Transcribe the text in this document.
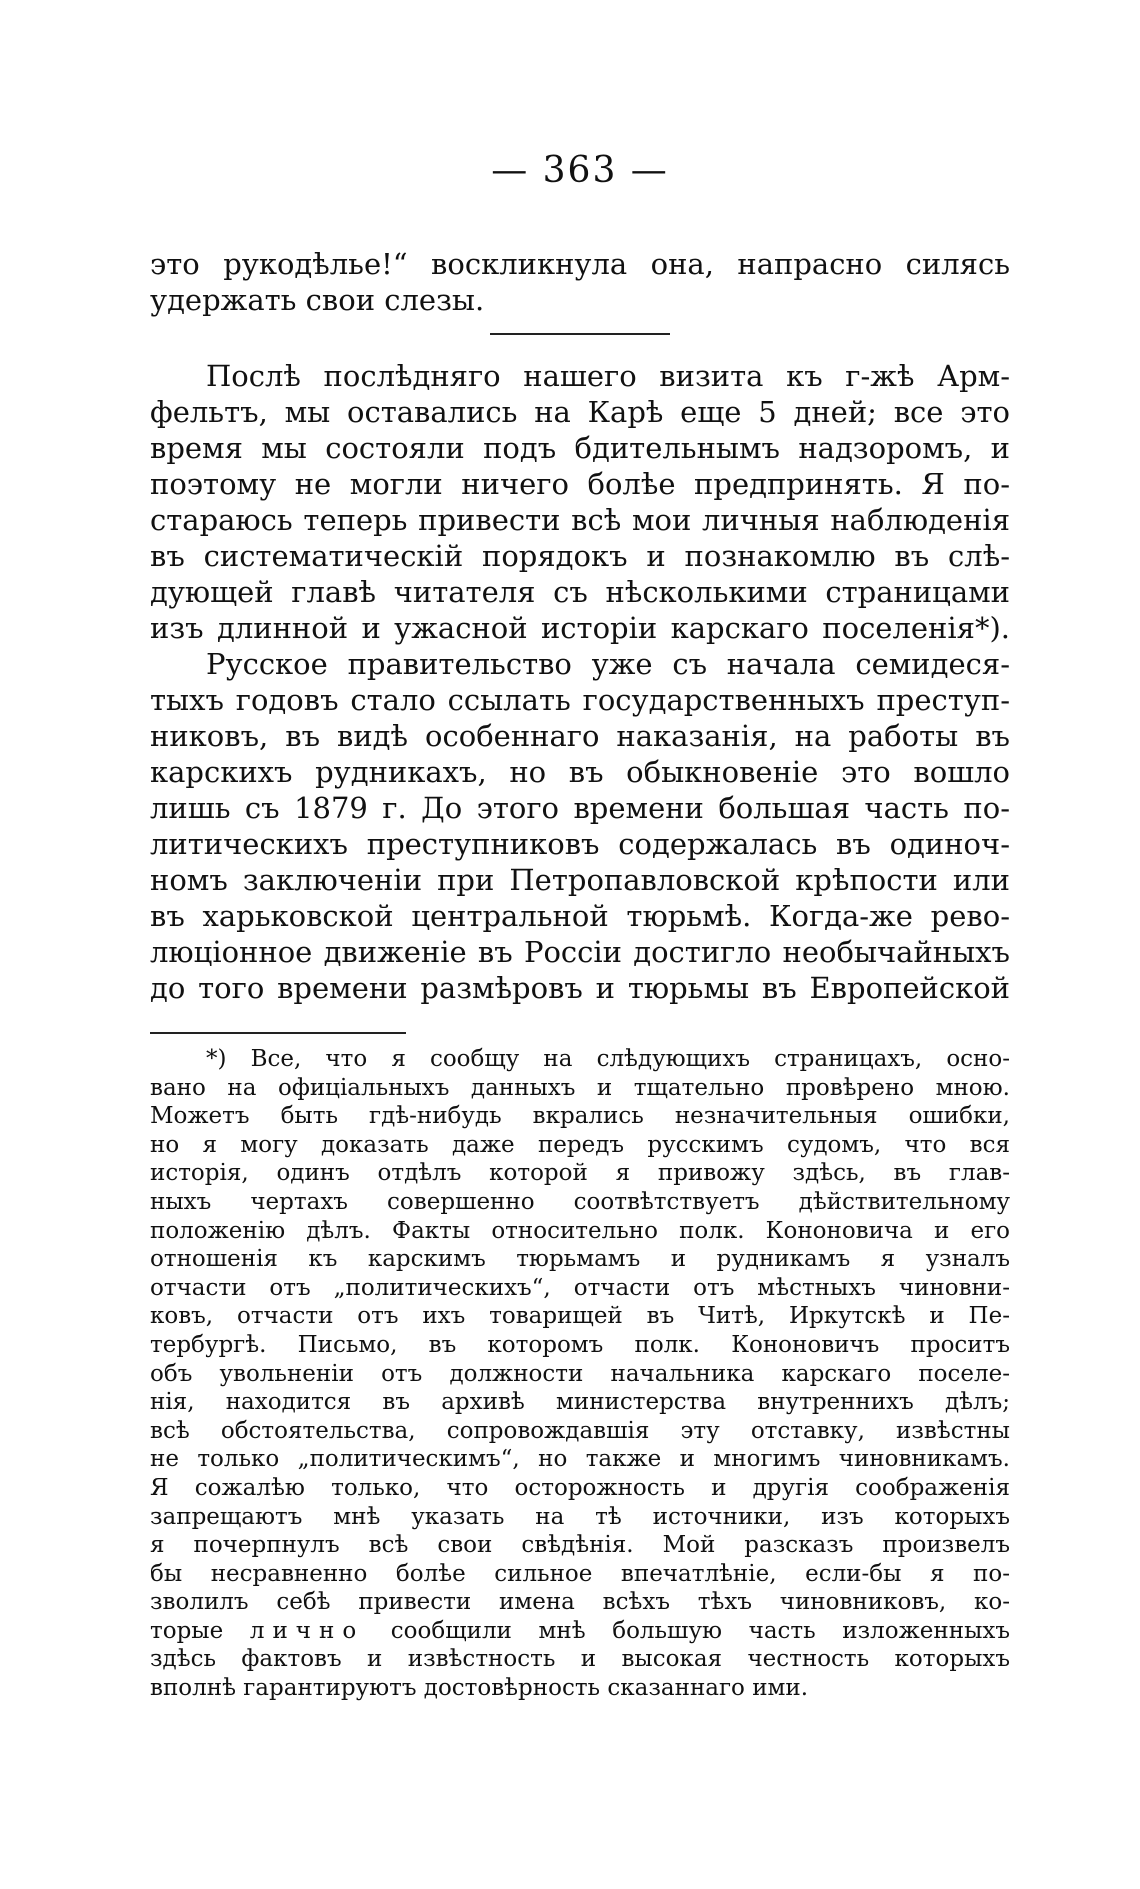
— 363 —
это рукодѣлье!“ воскликнула она, напрасно силясь
удержать свои слезы.
Послѣ послѣдняго нашего визита къ г-жѣ Арм-
фельтъ, мы оставались на Карѣ еще 5 дней; все это
время мы состояли подъ бдительнымъ надзоромъ, и
поэтому не могли ничего болѣе предпринять. Я по-
стараюсь теперь привести всѣ мои личныя наблюденія
въ систематическій порядокъ и познакомлю въ слѣ-
дующей главѣ читателя съ нѣсколькими страницами
изъ длинной и ужасной исторіи карскаго поселенія*).
Русское правительство уже съ начала семидеся-
тыхъ годовъ стало ссылать государственныхъ преступ-
никовъ, въ видѣ особеннаго наказанія, на работы въ
карскихъ рудникахъ, но въ обыкновеніе это вошло
лишь съ 1879 г. До этого времени большая часть по-
литическихъ преступниковъ содержалась въ одиноч-
номъ заключеніи при Петропавловской крѣпости или
въ харьковской центральной тюрьмѣ. Когда-же рево-
люціонное движеніе въ Россіи достигло необычайныхъ
до того времени размѣровъ и тюрьмы въ Европейской
*) Все, что я сообщу на слѣдующихъ страницахъ, осно-
вано на офиціальныхъ данныхъ и тщательно провѣрено мною.
Можетъ быть гдѣ-нибудь вкрались незначительныя ошибки,
но я могу доказать даже передъ русскимъ судомъ, что вся
исторія, одинъ отдѣлъ которой я привожу здѣсь, въ глав-
ныхъ чертахъ совершенно соотвѣтствуетъ дѣйствительному
положенію дѣлъ. Факты относительно полк. Кононовича и его
отношенія къ карскимъ тюрьмамъ и рудникамъ я узналъ
отчасти отъ „политическихъ“, отчасти отъ мѣстныхъ чиновни-
ковъ, отчасти отъ ихъ товарищей въ Читѣ, Иркутскѣ и Пе-
тербургѣ. Письмо, въ которомъ полк. Кононовичъ проситъ
объ увольненіи отъ должности начальника карскаго поселе-
нія, находится въ архивѣ министерства внутреннихъ дѣлъ;
всѣ обстоятельства, сопровождавшія эту отставку, извѣстны
не только „политическимъ“, но также и многимъ чиновникамъ.
Я сожалѣю только, что осторожность и другія соображенія
запрещаютъ мнѣ указать на тѣ источники, изъ которыхъ
я почерпнулъ всѣ свои свѣдѣнія. Мой разсказъ произвелъ
бы несравненно болѣе сильное впечатлѣніе, если-бы я по-
зволилъ себѣ привести имена всѣхъ тѣхъ чиновниковъ, ко-
торые лично сообщили мнѣ большую часть изложенныхъ
здѣсь фактовъ и извѣстность и высокая честность которыхъ
вполнѣ гарантируютъ достовѣрность сказаннаго ими.
